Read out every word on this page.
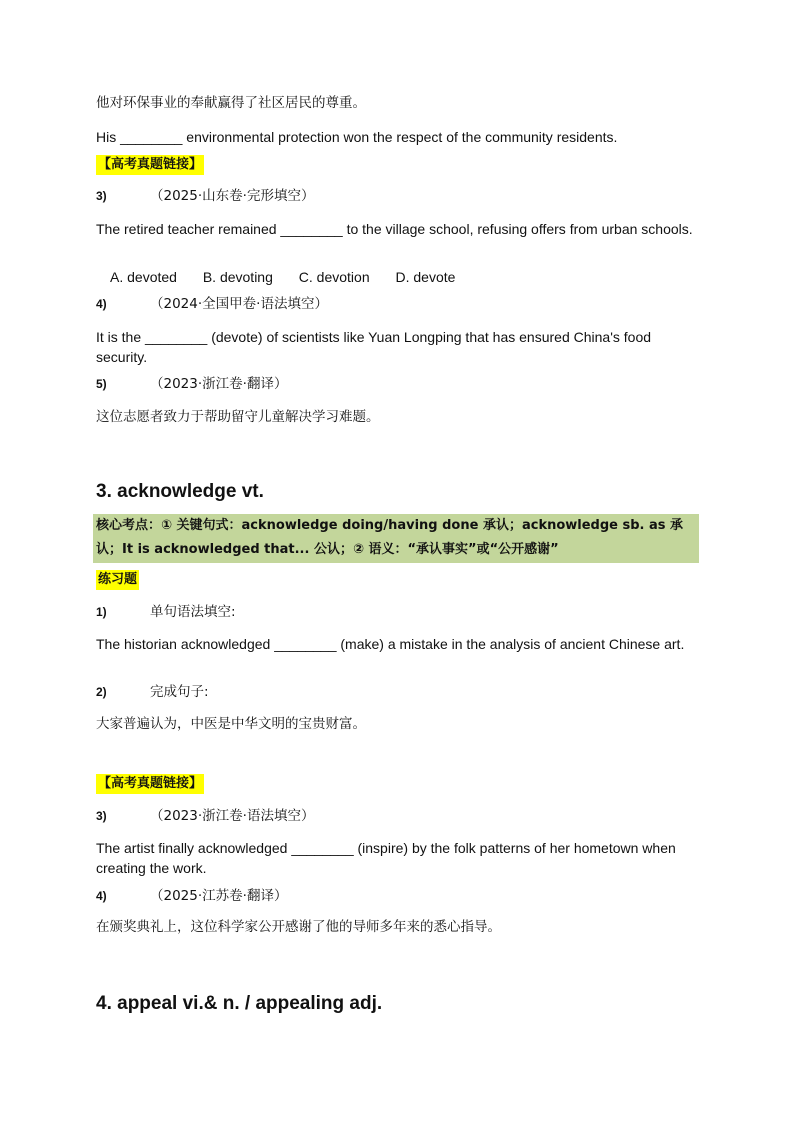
他对环保事业的奉献赢得了社区居民的尊重。
His ________ environmental protection won the respect of the community residents.
【高考真题链接】
3)	（2025·山东卷·完形填空）
The retired teacher remained ________ to the village school, refusing offers from urban schools.
A. devoted B. devoting C. devotion D. devote
4)	（2024·全国甲卷·语法填空）
It is the ________ (devote) of scientists like Yuan Longping that has ensured China's food security.
5)	（2023·浙江卷·翻译）
这位志愿者致力于帮助留守儿童解决学习难题。
3. acknowledge vt.
核心考点：① 关键句式：acknowledge doing/having done 承认；acknowledge sb. as 承认；It is acknowledged that... 公认；② 语义：“承认事实”或“公开感谢”
练习题
1)	单句语法填空:
The historian acknowledged ________ (make) a mistake in the analysis of ancient Chinese art.
2)	完成句子:
大家普遍认为，中医是中华文明的宝贵财富。
【高考真题链接】
3)	（2023·浙江卷·语法填空）
The artist finally acknowledged ________ (inspire) by the folk patterns of her hometown when creating the work.
4)	（2025·江苏卷·翻译）
在颁奖典礼上，这位科学家公开感谢了他的导师多年来的悉心指导。
4. appeal vi.& n. / appealing adj.
